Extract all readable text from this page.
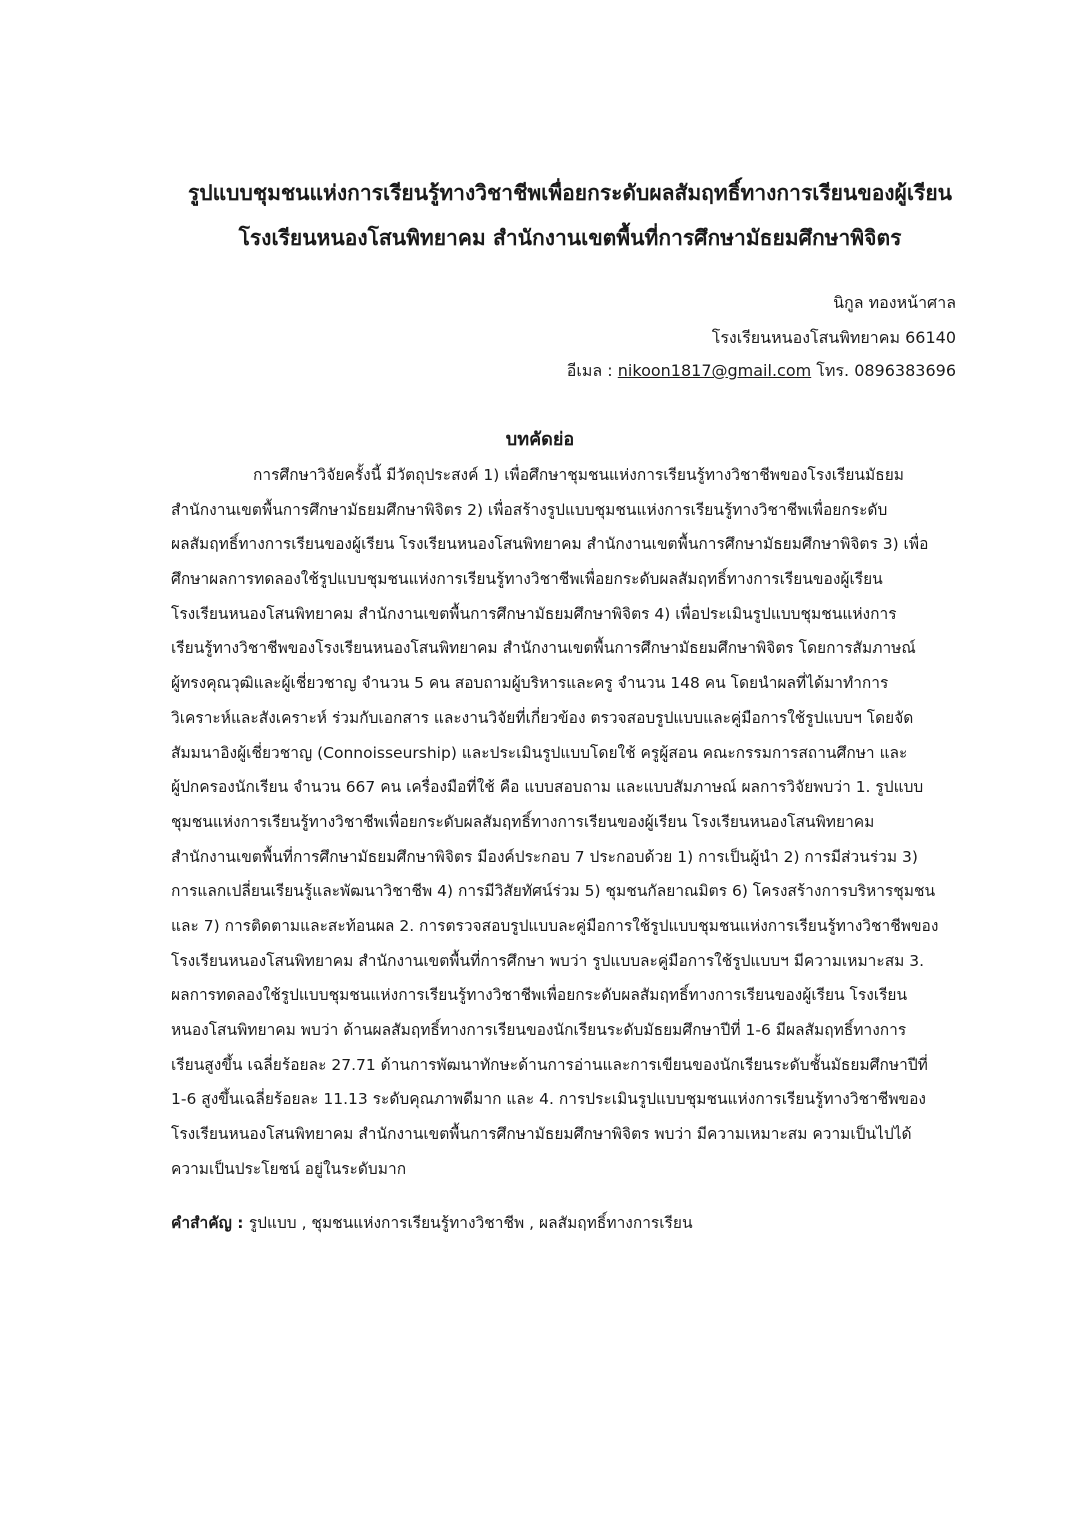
รูปแบบชุมชนแห่งการเรียนรู้ทางวิชาชีพเพื่อยกระดับผลสัมฤทธิ์ทางการเรียนของผู้เรียน
โรงเรียนหนองโสนพิทยาคม สำนักงานเขตพื้นที่การศึกษามัธยมศึกษาพิจิตร
นิกูล ทองหน้าศาล
โรงเรียนหนองโสนพิทยาคม 66140
อีเมล : nikoon1817@gmail.com โทร. 0896383696
บทคัดย่อ
การศึกษาวิจัยครั้งนี้ มีวัตถุประสงค์ 1) เพื่อศึกษาชุมชนแห่งการเรียนรู้ทางวิชาชีพของโรงเรียนมัธยม
สำนักงานเขตพื้นการศึกษามัธยมศึกษาพิจิตร 2) เพื่อสร้างรูปแบบชุมชนแห่งการเรียนรู้ทางวิชาชีพเพื่อยกระดับ
ผลสัมฤทธิ์ทางการเรียนของผู้เรียน โรงเรียนหนองโสนพิทยาคม สำนักงานเขตพื้นการศึกษามัธยมศึกษาพิจิตร 3) เพื่อ
ศึกษาผลการทดลองใช้รูปแบบชุมชนแห่งการเรียนรู้ทางวิชาชีพเพื่อยกระดับผลสัมฤทธิ์ทางการเรียนของผู้เรียน
โรงเรียนหนองโสนพิทยาคม สำนักงานเขตพื้นการศึกษามัธยมศึกษาพิจิตร 4) เพื่อประเมินรูปแบบชุมชนแห่งการ
เรียนรู้ทางวิชาชีพของโรงเรียนหนองโสนพิทยาคม สำนักงานเขตพื้นการศึกษามัธยมศึกษาพิจิตร โดยการสัมภาษณ์
ผู้ทรงคุณวุฒิและผู้เชี่ยวชาญ จำนวน 5 คน สอบถามผู้บริหารและครู จำนวน 148 คน โดยนำผลที่ได้มาทำการ
วิเคราะห์และสังเคราะห์ ร่วมกับเอกสาร และงานวิจัยที่เกี่ยวข้อง ตรวจสอบรูปแบบและคู่มือการใช้รูปแบบฯ โดยจัด
สัมมนาอิงผู้เชี่ยวชาญ (Connoisseurship) และประเมินรูปแบบโดยใช้ ครูผู้สอน คณะกรรมการสถานศึกษา และ
ผู้ปกครองนักเรียน จำนวน 667 คน เครื่องมือที่ใช้ คือ แบบสอบถาม และแบบสัมภาษณ์ ผลการวิจัยพบว่า 1. รูปแบบ
ชุมชนแห่งการเรียนรู้ทางวิชาชีพเพื่อยกระดับผลสัมฤทธิ์ทางการเรียนของผู้เรียน โรงเรียนหนองโสนพิทยาคม
สำนักงานเขตพื้นที่การศึกษามัธยมศึกษาพิจิตร มีองค์ประกอบ 7 ประกอบด้วย 1) การเป็นผู้นำ 2) การมีส่วนร่วม 3)
การแลกเปลี่ยนเรียนรู้และพัฒนาวิชาชีพ 4) การมีวิสัยทัศน์ร่วม 5) ชุมชนกัลยาณมิตร 6) โครงสร้างการบริหารชุมชน
และ 7) การติดตามและสะท้อนผล 2. การตรวจสอบรูปแบบละคู่มือการใช้รูปแบบชุมชนแห่งการเรียนรู้ทางวิชาชีพของ
โรงเรียนหนองโสนพิทยาคม สำนักงานเขตพื้นที่การศึกษา พบว่า รูปแบบละคู่มือการใช้รูปแบบฯ มีความเหมาะสม 3.
ผลการทดลองใช้รูปแบบชุมชนแห่งการเรียนรู้ทางวิชาชีพเพื่อยกระดับผลสัมฤทธิ์ทางการเรียนของผู้เรียน โรงเรียน
หนองโสนพิทยาคม พบว่า ด้านผลสัมฤทธิ์ทางการเรียนของนักเรียนระดับมัธยมศึกษาปีที่ 1-6 มีผลสัมฤทธิ์ทางการ
เรียนสูงขึ้น เฉลี่ยร้อยละ 27.71 ด้านการพัฒนาทักษะด้านการอ่านและการเขียนของนักเรียนระดับชั้นมัธยมศึกษาปีที่
1-6 สูงขึ้นเฉลี่ยร้อยละ 11.13 ระดับคุณภาพดีมาก และ 4. การประเมินรูปแบบชุมชนแห่งการเรียนรู้ทางวิชาชีพของ
โรงเรียนหนองโสนพิทยาคม สำนักงานเขตพื้นการศึกษามัธยมศึกษาพิจิตร พบว่า มีความเหมาะสม ความเป็นไปได้
ความเป็นประโยชน์ อยู่ในระดับมาก
คำสำคัญ : รูปแบบ , ชุมชนแห่งการเรียนรู้ทางวิชาชีพ , ผลสัมฤทธิ์ทางการเรียน
